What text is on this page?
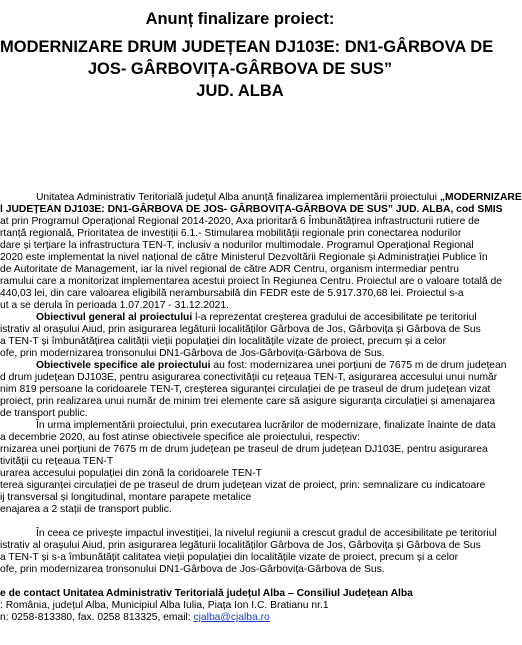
Anunț finalizare proiect:
MODERNIZARE DRUM JUDEȚEAN DJ103E: DN1-GÂRBOVA DE
JOS- GÂRBOVIȚA-GÂRBOVA DE SUS”
JUD. ALBA
Unitatea Administrativ Teritorială județul Alba anunță finalizarea implementării proiectului „MODERNIZARE
l JUDEȚEAN DJ103E: DN1-GÂRBOVA DE JOS- GÂRBOVIȚA-GÂRBOVA DE SUS” JUD. ALBA, cod SMIS
at prin Programul Operațional Regional 2014-2020, Axa prioritară 6 Îmbunătățirea infrastructurii rutiere de
rtanță regională, Prioritatea de investiții 6.1.- Stimularea mobilității regionale prin conectarea nodurilor
dare și terțiare la infrastructura TEN-T, inclusiv a nodurilor multimodale. Programul Operațional Regional
2020 este implementat la nivel național de către Ministerul Dezvoltării Regionale și Administrației Publice în
de Autoritate de Management, iar la nivel regional de către ADR Centru, organism intermediar pentru
ramului care a monitorizat implementarea acestui proiect în Regiunea Centru. Proiectul are o valoare totală de
440,03 lei, din care valoarea eligibilă nerambursabilă din FEDR este de 5.917.370,68 lei. Proiectul s-a
ut a se derula în perioada 1.07.2017 - 31.12.2021.
Obiectivul general al proiectului l-a reprezentat creșterea gradului de accesibilitate pe teritoriul
istrativ al orașului Aiud, prin asigurarea legăturii localităților Gârbova de Jos, Gârbovița și Gârbova de Sus
a TEN-T și îmbunătățirea calității vieții populației din localitățile vizate de proiect, precum și a celor
ofe, prin modernizarea tronsonului DN1-Gârbova de Jos-Gârbovița-Gârbova de Sus.
Obiectivele specifice ale proiectului au fost: modernizarea unei porțiuni de 7675 m de drum județean
d drum județean DJ103E, pentru asigurarea conectivității cu rețeaua TEN-T, asigurarea accesului unui număr
nim 819 persoane la coridoarele TEN-T, creșterea siguranței circulației de pe traseul de drum județean vizat
proiect, prin realizarea unui număr de minim trei elemente care să asigure siguranța circulației și amenajarea
de transport public.
În urma implementării proiectului, prin executarea lucrărilor de modernizare, finalizate înainte de data
a decembrie 2020, au fost atinse obiectivele specifice ale proiectului, respectiv:
rnizarea unei porțiuni de 7675 m de drum județean pe traseul de drum județean DJ103E, pentru asigurarea
tivității cu rețeaua TEN-T
urarea accesului populației din zonă la coridoarele TEN-T
terea siguranței circulației de pe traseul de drum județean vizat de proiect, prin: semnalizare cu indicatoare
ij transversal și longitudinal, montare parapete metalice
enajarea a 2 stații de transport public.
În ceea ce privește impactul investiției, la nivelul regiunii a crescut gradul de accesibilitate pe teritoriul
istrativ al orașului Aiud, prin asigurarea legăturii localităților Gârbova de Jos, Gârbovița și Gârbova de Sus
a TEN-T și s-a îmbunătățit calitatea vieții populației din localitățile vizate de proiect, precum și a celor
ofe, prin modernizarea tronsonului DN1-Gârbova de Jos-Gârbovița-Gârbova de Sus.
e de contact Unitatea Administrativ Teritorială județul Alba – Consiliul Județean Alba
: România, județul Alba, Municipiul Alba Iulia, Piața Ion I.C. Bratianu nr.1
n: 0258-813380, fax. 0258 813325, email: cjalba@cjalba.ro
